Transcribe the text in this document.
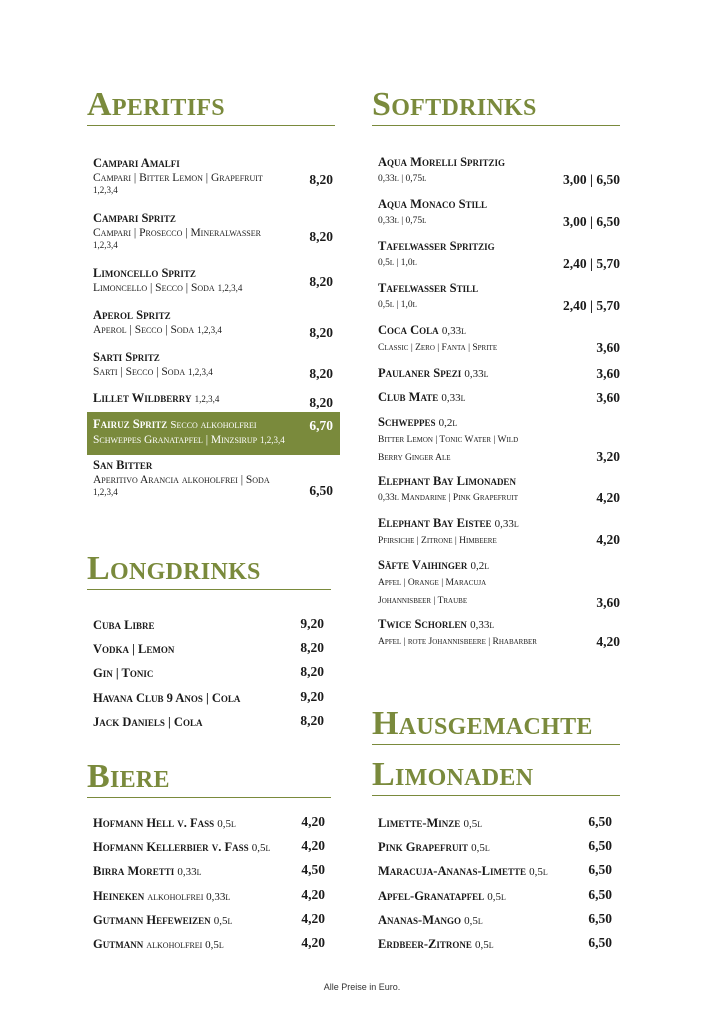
Aperitifs
Campari Amalfi
Campari | Bitter Lemon | Grapefruit
1,2,3,4
8,20
Campari Spritz
Campari | Prosecco | Mineralwasser
1,2,3,4
8,20
Limoncello Spritz
Limoncello | Secco | Soda 1,2,3,4	8,20
Aperol Spritz
Aperol | Secco | Soda 1,2,3,4	8,20
Sarti Spritz
Sarti | Secco | Soda 1,2,3,4	8,20
Lillet Wildberry 1,2,3,4	8,20
Fairuz Spritz Secco alkoholfrei
Schweppes Granatapfel | Minzsirup 1,2,3,4
6,70
San Bitter
Aperitivo Arancia alkoholfrei | Soda
1,2,3,4	6,50
Longdrinks
Cuba Libre	9,20
Vodka | Lemon	8,20
Gin | Tonic	8,20
Havana Club 9 Anos | Cola	9,20
Jack Daniels | Cola	8,20
Biere
Hofmann Hell v. Fass 0,5l	4,20
Hofmann Kellerbier v. Fass 0,5l 4,20
Birra Moretti 0,33l	4,50
Heineken alkoholfrei 0,33l	4,20
Gutmann Hefeweizen 0,5l	4,20
Gutmann alkoholfrei 0,5l	4,20
Softdrinks
Aqua Morelli Spritzig
0,33l | 0,75l	3,00 | 6,50
Aqua Monaco Still
0,33l | 0,75l	3,00 | 6,50
Tafelwasser Spritzig
0,5l | 1,0l	2,40 | 5,70
Tafelwasser Still
0,5l | 1,0l	2,40 | 5,70
Coca Cola 0,33l
Classic | Zero | Fanta | Sprite	3,60
Paulaner Spezi 0,33l	3,60
Club Mate 0,33l	3,60
Schweppes 0,2l
Bitter Lemon | Tonic Water | Wild
Berry Ginger Ale	3,20
Elephant Bay Limonaden
0,33l Mandarine | Pink Grapefruit	4,20
Elephant Bay Eistee 0,33l
Pfirsiche | Zitrone | Himbeere	4,20
Säfte Vaihinger 0,2l
Apfel | Orange | Maracuja
Johannisbeer | Traube	3,60
Twice Schorlen 0,33l
Apfel | rote Johannisbeere | Rhabarber	4,20
Hausgemachte
Limonaden
Limette-Minze 0,5l	6,50
Pink Grapefruit 0,5l	6,50
Maracuja-Ananas-Limette 0,5l	6,50
Apfel-Granatapfel 0,5l	6,50
Ananas-Mango 0,5l	6,50
Erdbeer-Zitrone 0,5l	6,50
Alle Preise in Euro.
